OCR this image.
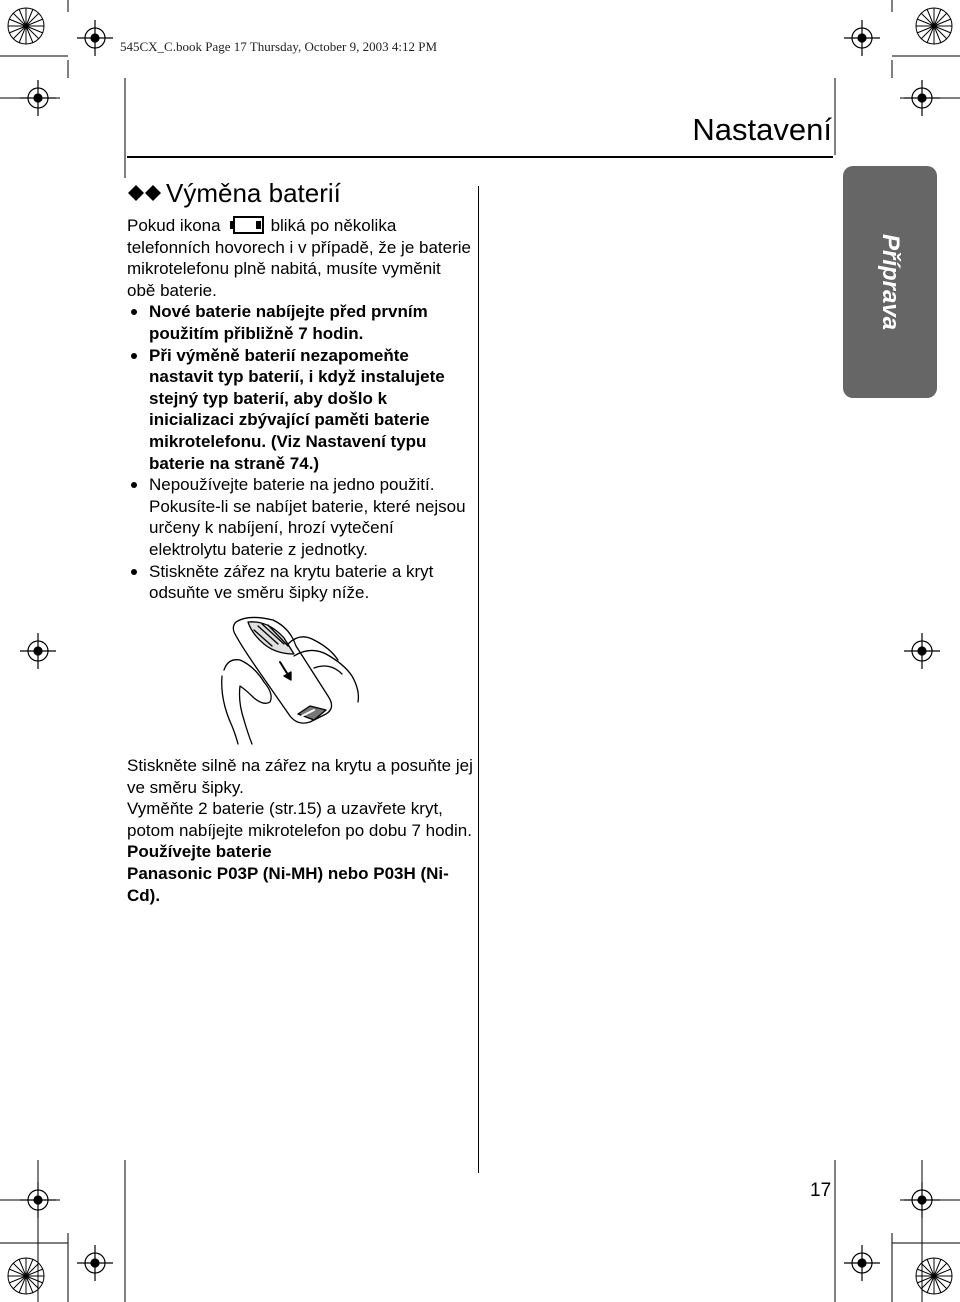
545CX_C.book Page 17 Thursday, October 9, 2003 4:12 PM
Nastavení
Příprava
Výměna baterií

Pokud ikona	bliká po několika telefonních hovorech i v případě, že je baterie mikrotelefonu plně nabitá, musíte vyměnit obě baterie.

Nové baterie nabíjejte před prvním použitím přibližně 7 hodin.
Při výměně baterií nezapomeňte nastavit typ baterií, i když instalujete stejný typ baterií, aby došlo k inicializaci zbývající paměti baterie mikrotelefonu. (Viz Nastavení typu baterie na straně 74.)
Nepoužívejte baterie na jedno použití. Pokusíte-li se nabíjet baterie, které nejsou určeny k nabíjení, hrozí vytečení elektrolytu baterie z jednotky.
Stiskněte zářez na krytu baterie a kryt odsuňte ve směru šipky níže.

Stiskněte silně na zářez na krytu a posuňte jej ve směru šipky.

Vyměňte 2 baterie (str.15) a uzavřete kryt, potom nabíjejte mikrotelefon po dobu 7 hodin.

Používejte baterie

Panasonic P03P (Ni-MH) nebo P03H (Ni-Cd).

17
